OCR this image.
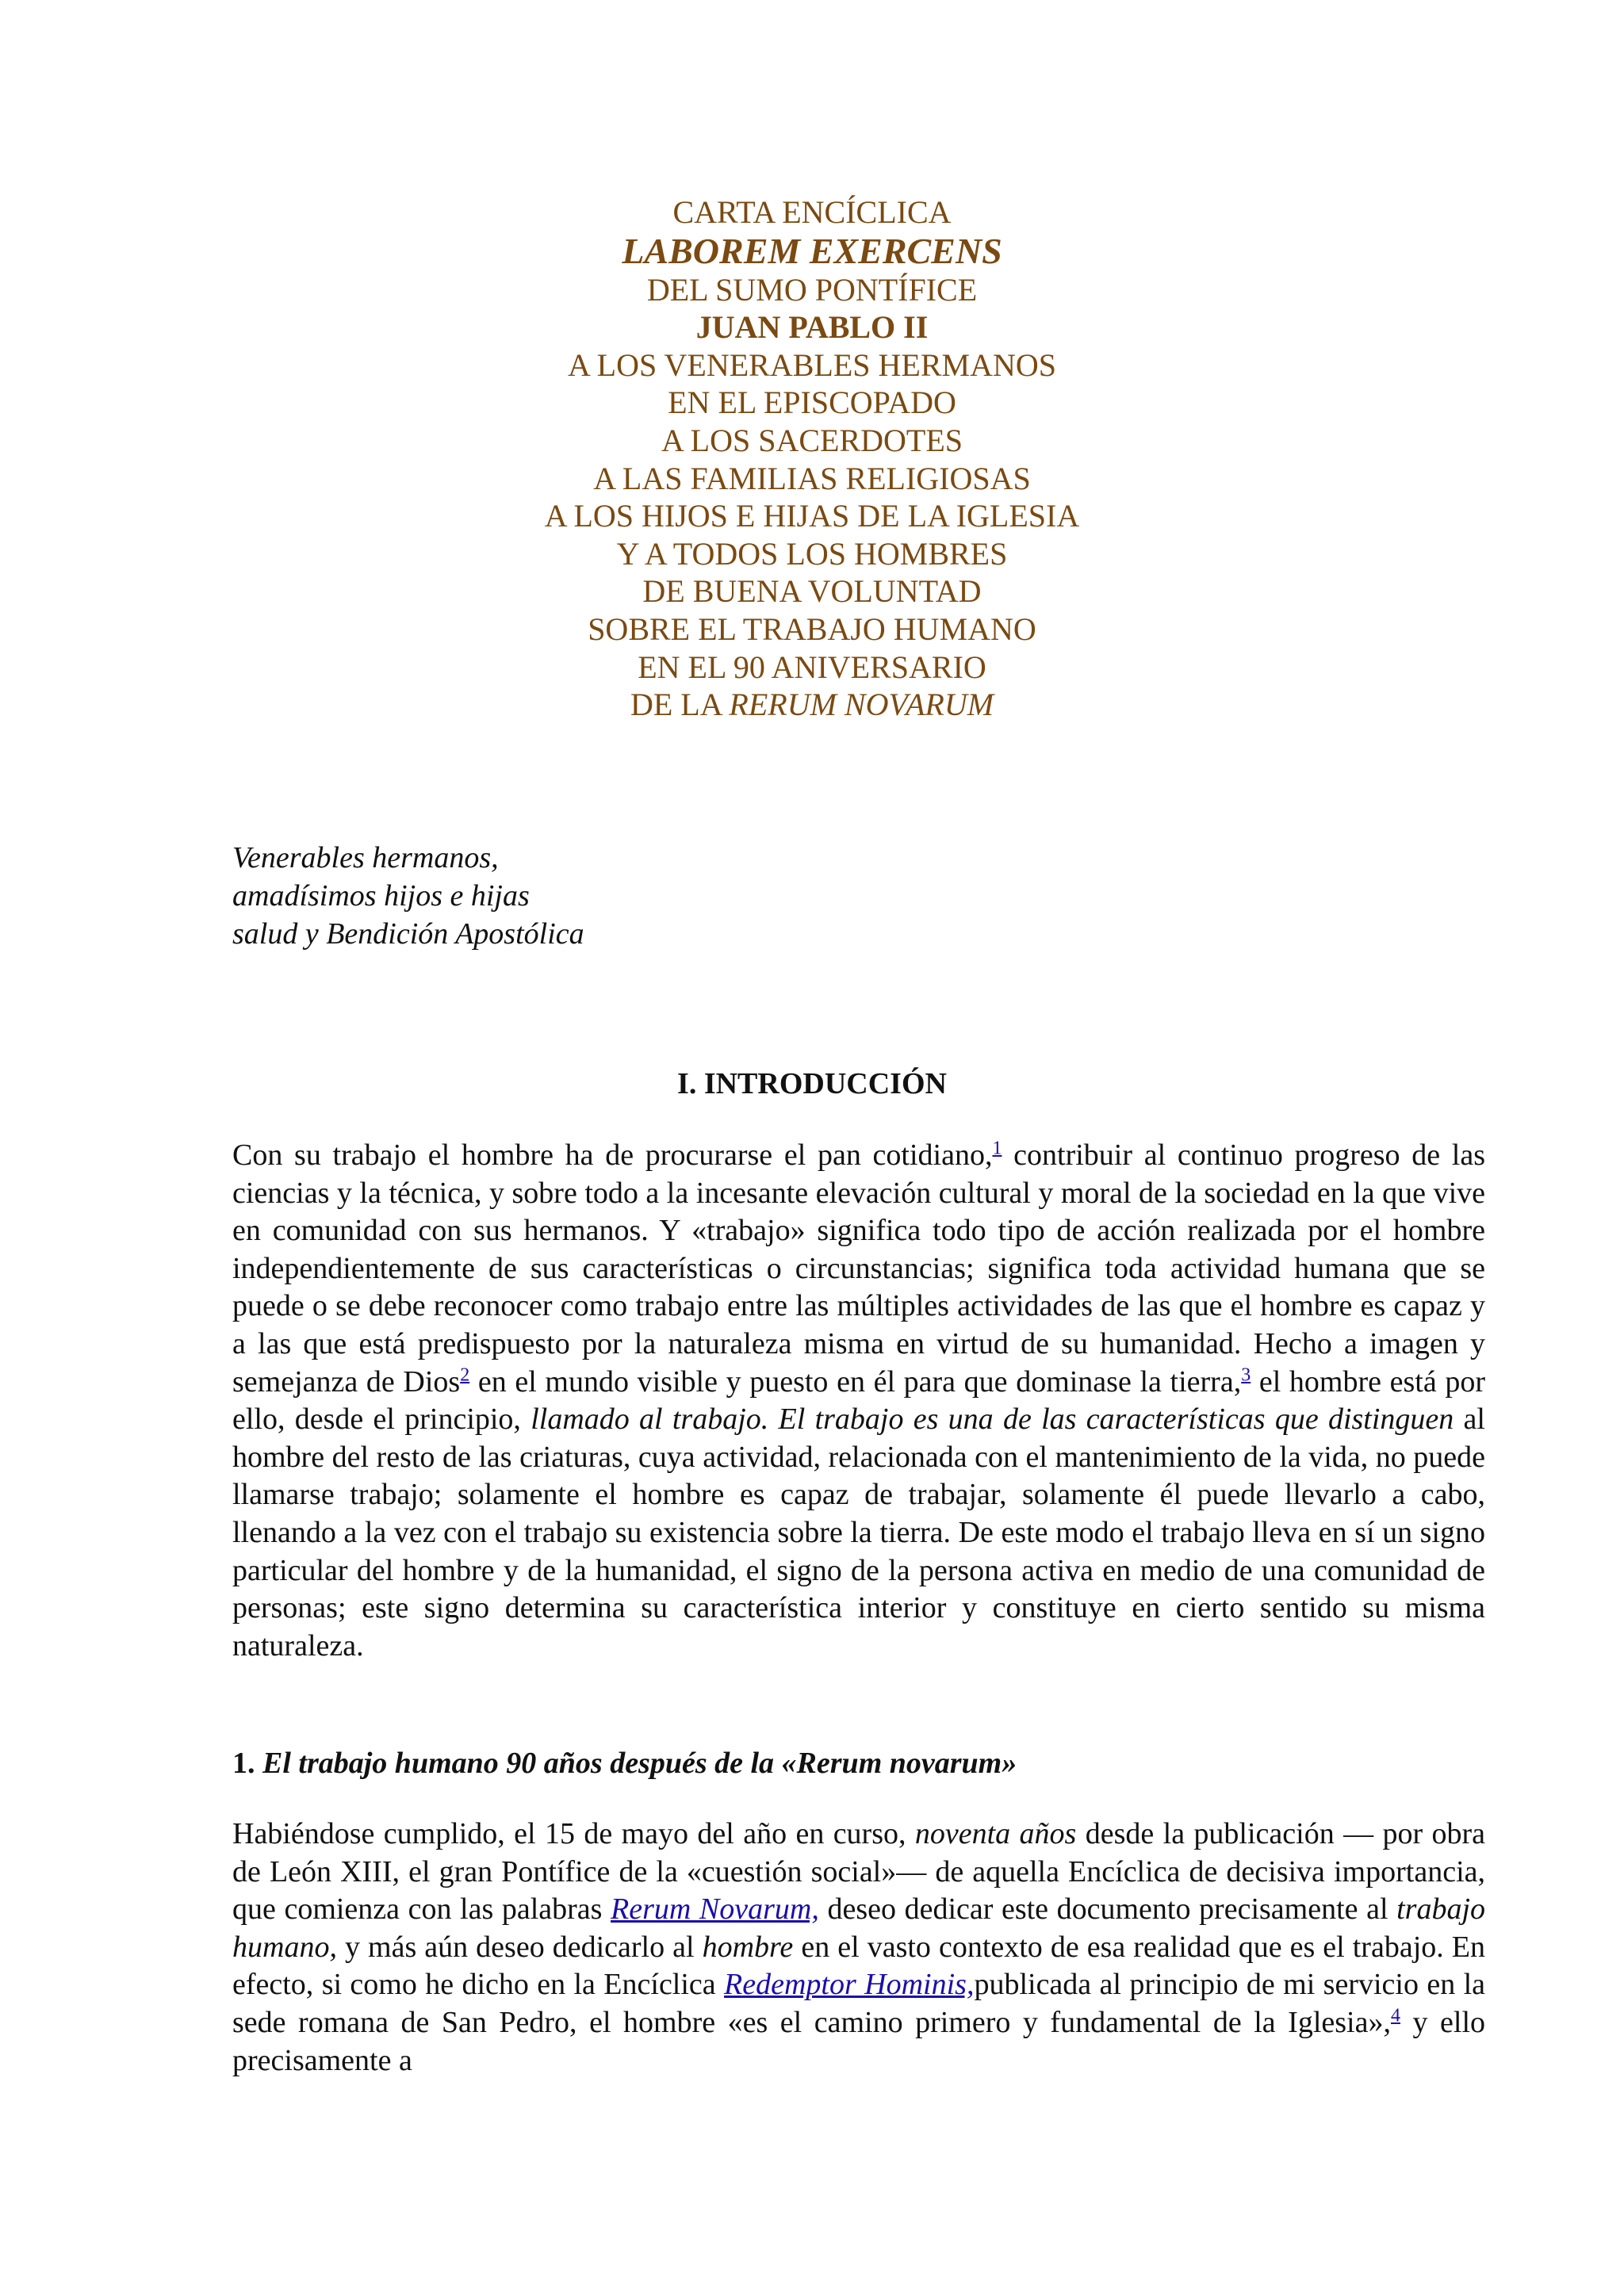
CARTA ENCÍCLICA
LABOREM EXERCENS
DEL SUMO PONTÍFICE
JUAN PABLO II
A LOS VENERABLES HERMANOS
EN EL EPISCOPADO
A LOS SACERDOTES
A LAS FAMILIAS RELIGIOSAS
A LOS HIJOS E HIJAS DE LA IGLESIA
Y A TODOS LOS HOMBRES
DE BUENA VOLUNTAD
SOBRE EL TRABAJO HUMANO
EN EL 90 ANIVERSARIO
DE LA RERUM NOVARUM
Venerables hermanos,
amadísimos hijos e hijas
salud y Bendición Apostólica
I. INTRODUCCIÓN
Con su trabajo el hombre ha de procurarse el pan cotidiano,$^1$ contribuir al continuo progreso de las ciencias y la técnica, y sobre todo a la incesante elevación cultural y moral de la sociedad en la que vive en comunidad con sus hermanos. Y «trabajo» significa todo tipo de acción realizada por el hombre independientemente de sus características o circunstancias; significa toda actividad humana que se puede o se debe reconocer como trabajo entre las múltiples actividades de las que el hombre es capaz y a las que está predispuesto por la naturaleza misma en virtud de su humanidad. Hecho a imagen y semejanza de Dios$^2$ en el mundo visible y puesto en él para que dominase la tierra,$^3$ el hombre está por ello, desde el principio, llamado al trabajo. El trabajo es una de las características que distinguen al hombre del resto de las criaturas, cuya actividad, relacionada con el mantenimiento de la vida, no puede llamarse trabajo; solamente el hombre es capaz de trabajar, solamente él puede llevarlo a cabo, llenando a la vez con el trabajo su existencia sobre la tierra. De este modo el trabajo lleva en sí un signo particular del hombre y de la humanidad, el signo de la persona activa en medio de una comunidad de personas; este signo determina su característica interior y constituye en cierto sentido su misma naturaleza.
1. El trabajo humano 90 años después de la «Rerum novarum»
Habiéndose cumplido, el 15 de mayo del año en curso, noventa años desde la publicación — por obra de León XIII, el gran Pontífice de la «cuestión social»— de aquella Encíclica de decisiva importancia, que comienza con las palabras Rerum Novarum, deseo dedicar este documento precisamente al trabajo humano, y más aún deseo dedicarlo al hombre en el vasto contexto de esa realidad que es el trabajo. En efecto, si como he dicho en la Encíclica Redemptor Hominis,publicada al principio de mi servicio en la sede romana de San Pedro, el hombre «es el camino primero y fundamental de la Iglesia»,$^4$ y ello precisamente a
